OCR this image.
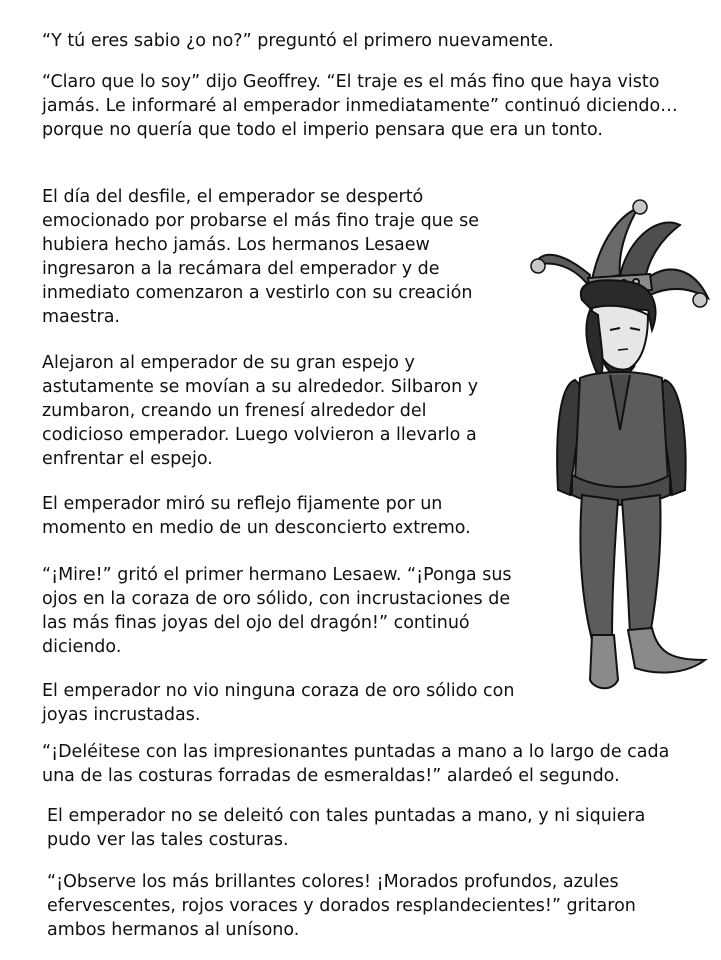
“Y tú eres sabio ¿o no?” preguntó el primero nuevamente.

“Claro que lo soy” dijo Geoffrey. “El traje es el más fino que haya visto jamás. Le informaré al emperador inmediatamente” continuó diciendo… porque no quería que todo el imperio pensara que era un tonto.

El día del desfile, el emperador se despertó emocionado por probarse el más fino traje que se hubiera hecho jamás. Los hermanos Lesaew ingresaron a la recámara del emperador y de inmediato comenzaron a vestirlo con su creación maestra.

Alejaron al emperador de su gran espejo y astutamente se movían a su alrededor. Silbaron y zumbaron, creando un frenesí alrededor del codicioso emperador. Luego volvieron a llevarlo a enfrentar el espejo.

El emperador miró su reflejo fijamente por un momento en medio de un desconcierto extremo.

“¡Mire!” gritó el primer hermano Lesaew. “¡Ponga sus ojos en la coraza de oro sólido, con incrustaciones de las más finas joyas del ojo del dragón!” continuó diciendo.

El emperador no vio ninguna coraza de oro sólido con joyas incrustadas.

“¡Deléitese con las impresionantes puntadas a mano a lo largo de cada una de las costuras forradas de esmeraldas!” alardeó el segundo.

El emperador no se deleitó con tales puntadas a mano, y ni siquiera pudo ver las tales costuras.

“¡Observe los más brillantes colores! ¡Morados profundos, azules efervescentes, rojos voraces y dorados resplandecientes!” gritaron ambos hermanos al unísono.
